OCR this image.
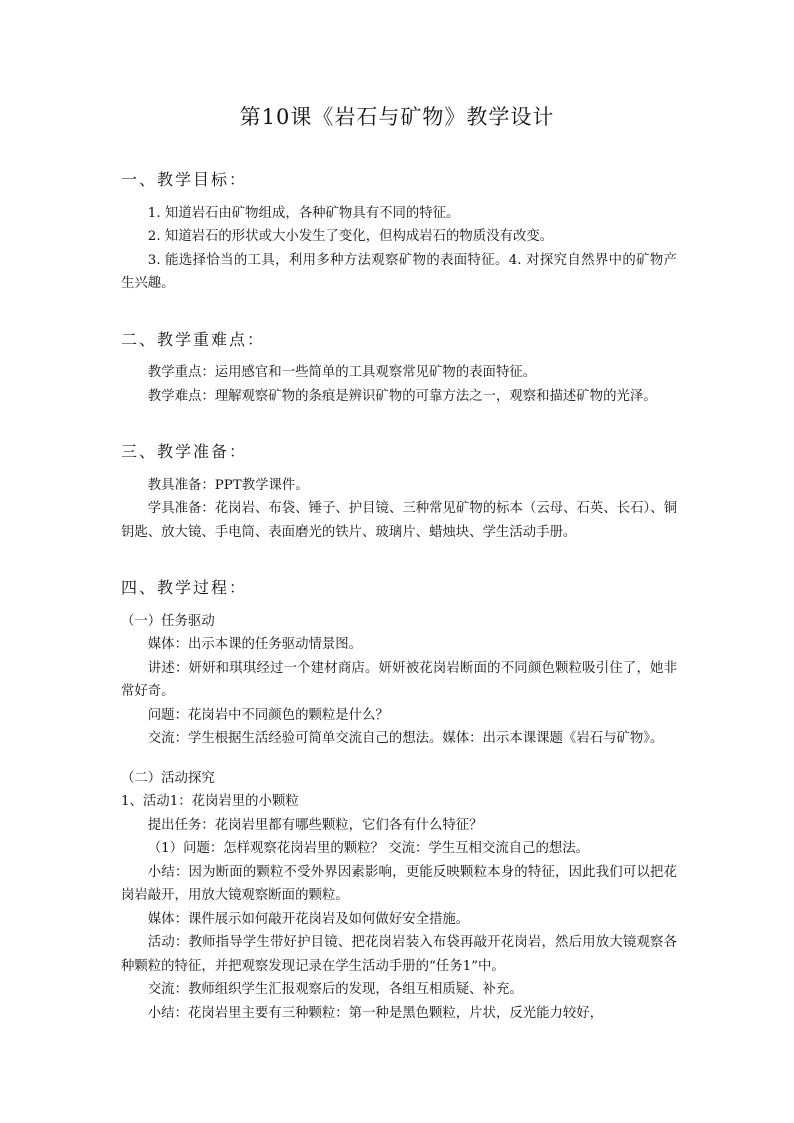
第10课《岩石与矿物》教学设计
一、教学目标：

1. 知道岩石由矿物组成，各种矿物具有不同的特征。

2. 知道岩石的形状或大小发生了变化，但构成岩石的物质没有改变。

3. 能选择恰当的工具，利用多种方法观察矿物的表面特征。4. 对探究自然界中的矿物产生兴趣。

二、教学重难点：

教学重点：运用感官和一些简单的工具观察常见矿物的表面特征。

教学难点：理解观察矿物的条痕是辨识矿物的可靠方法之一，观察和描述矿物的光泽。

三、教学准备：

教具准备：PPT教学课件。

学具准备：花岗岩、布袋、锤子、护目镜、三种常见矿物的标本（云母、石英、长石）、铜钥匙、放大镜、手电筒、表面磨光的铁片、玻璃片、蜡烛块、学生活动手册。

四、教学过程：

（一）任务驱动

媒体：出示本课的任务驱动情景图。

讲述：妍妍和琪琪经过一个建材商店。妍妍被花岗岩断面的不同颜色颗粒吸引住了，她非常好奇。

问题：花岗岩中不同颜色的颗粒是什么？

交流：学生根据生活经验可简单交流自己的想法。媒体：出示本课课题《岩石与矿物》。

（二）活动探究

1、活动1：花岗岩里的小颗粒

提出任务：花岗岩里都有哪些颗粒，它们各有什么特征？

（1）问题：怎样观察花岗岩里的颗粒？ 交流：学生互相交流自己的想法。

小结：因为断面的颗粒不受外界因素影响，更能反映颗粒本身的特征，因此我们可以把花岗岩敲开，用放大镜观察断面的颗粒。

媒体：课件展示如何敲开花岗岩及如何做好安全措施。

活动：教师指导学生带好护目镜、把花岗岩装入布袋再敲开花岗岩，然后用放大镜观察各种颗粒的特征，并把观察发现记录在学生活动手册的“任务1”中。

交流：教师组织学生汇报观察后的发现，各组互相质疑、补充。

小结：花岗岩里主要有三种颗粒：第一种是黑色颗粒，片状，反光能力较好，
